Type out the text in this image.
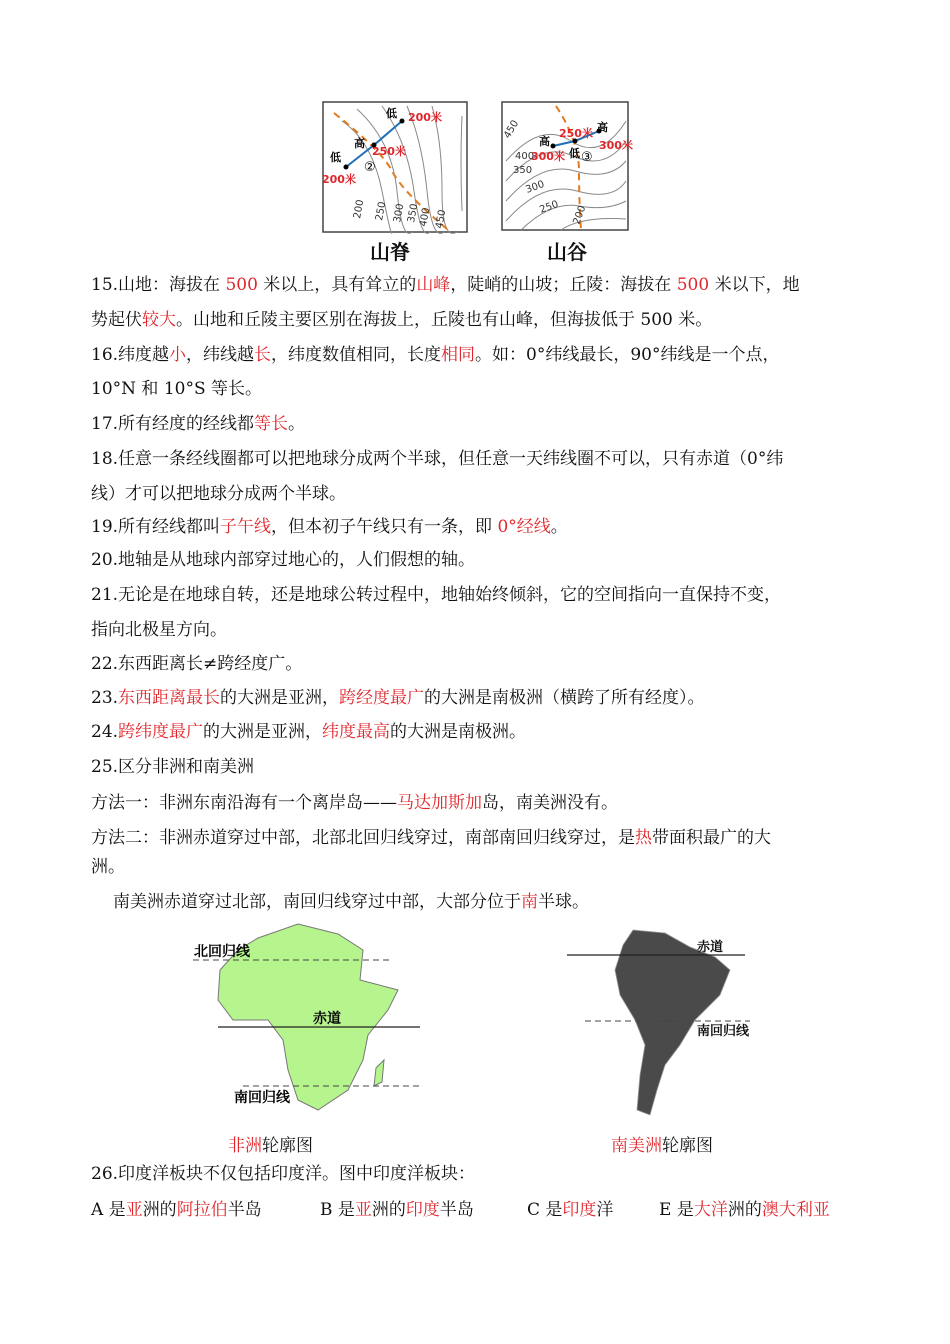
低 200米
高
250米
低
200米
②
200 250 300 350
400 450
山脊
高
高
250米
300米
300米 低 ③
450
400
350
300
250 200
山谷
15.山地：海拔在 500 米以上，具有耸立的山峰，陡峭的山坡；丘陵：海拔在 500 米以下，地
势起伏较大。山地和丘陵主要区别在海拔上，丘陵也有山峰，但海拔低于 500 米。
16.纬度越小，纬线越长，纬度数值相同，长度相同。如：0°纬线最长，90°纬线是一个点，
10°N 和 10°S 等长。
17.所有经度的经线都等长。
18.任意一条经线圈都可以把地球分成两个半球，但任意一天纬线圈不可以，只有赤道（0°纬
线）才可以把地球分成两个半球。
19.所有经线都叫子午线，但本初子午线只有一条，即 0°经线。
20.地轴是从地球内部穿过地心的，人们假想的轴。
21.无论是在地球自转，还是地球公转过程中，地轴始终倾斜，它的空间指向一直保持不变，
指向北极星方向。
22.东西距离长≠跨经度广。
23.东西距离最长的大洲是亚洲，跨经度最广的大洲是南极洲（横跨了所有经度）。
24.跨纬度最广的大洲是亚洲，纬度最高的大洲是南极洲。
25.区分非洲和南美洲
方法一：非洲东南沿海有一个离岸岛——马达加斯加岛，南美洲没有。
方法二：非洲赤道穿过中部，北部北回归线穿过，南部南回归线穿过，是热带面积最广的大
洲。
南美洲赤道穿过北部，南回归线穿过中部，大部分位于南半球。
北回归线
赤道
南回归线
非洲轮廓图
赤道
南回归线
南美洲轮廓图
26.印度洋板块不仅包括印度洋。图中印度洋板块：
A 是亚洲的阿拉伯半岛	B 是亚洲的印度半岛	C 是印度洋	E 是大洋洲的澳大利亚
